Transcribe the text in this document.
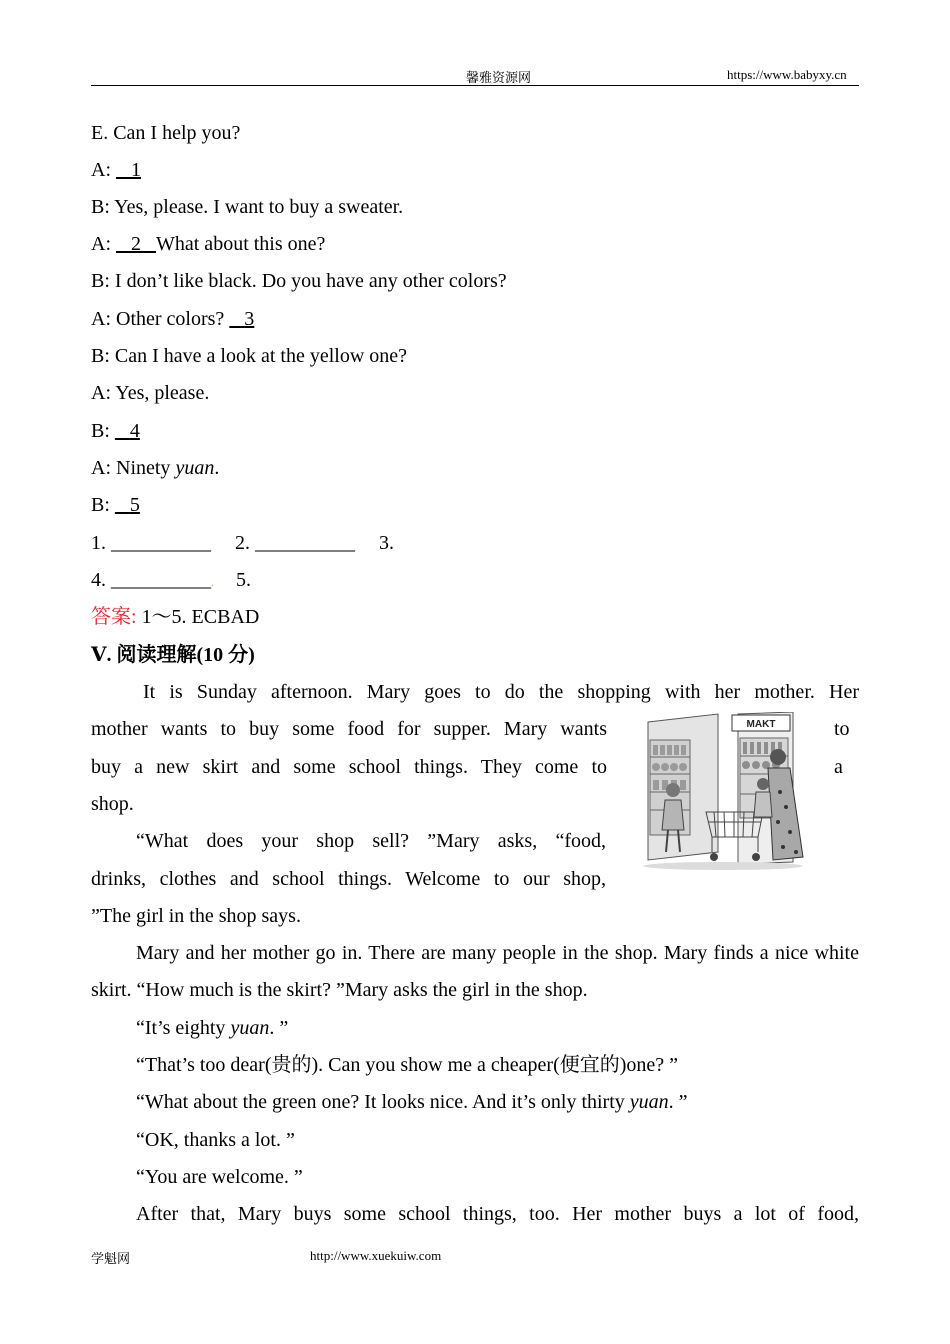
馨雅资源网	https://www.babyxy.cn
E. Can I help you?
A: 1
B: Yes, please. I want to buy a sweater.
A: 2 What about this one?
B: I don’t like black. Do you have any other colors?
A: Other colors? 3
B: Can I have a look at the yellow one?
A: Yes, please.
B: 4
A: Ninety yuan.
B: 5
1. __________ 2. __________ 3.
4. __________. 5.
答案: 1～5. ECBAD
Ⅴ. 阅读理解(10 分)
It is Sunday afternoon. Mary goes to do the shopping with her mother. Her
mother wants to buy some food for supper. Mary wants	to
buy a new skirt and some school things. They come to	a
shop.
“What does your shop sell? ”Mary asks, “food,
drinks, clothes and school things. Welcome to our shop,
”The girl in the shop says.
MAKT
Mary and her mother go in. There are many people in the shop. Mary finds a nice white skirt. “How much is the skirt? ”Mary asks the girl in the shop.
“It’s eighty yuan. ”
“That’s too dear(贵的). Can you show me a cheaper(便宜的)one? ”
“What about the green one? It looks nice. And it’s only thirty yuan. ”
“OK, thanks a lot. ”
“You are welcome. ”
After that, Mary buys some school things, too. Her mother buys a lot of food,
学魁网	http://www.xuekuiw.com
